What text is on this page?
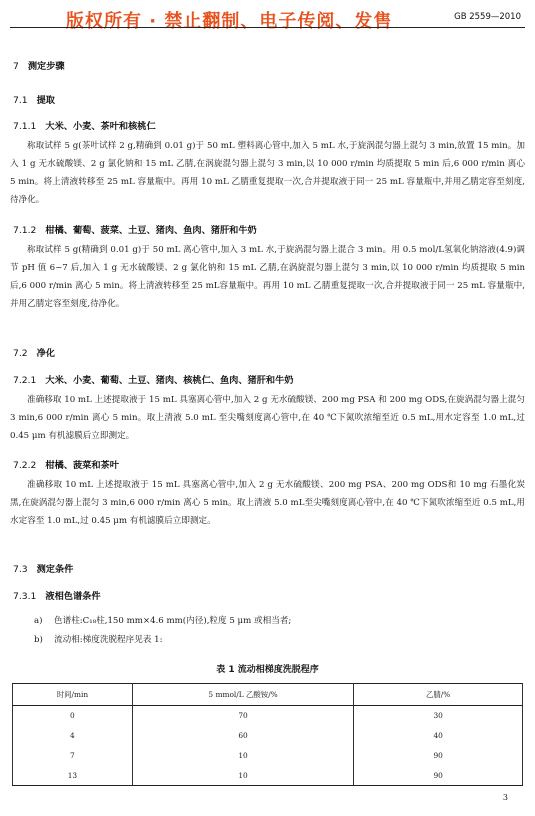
版权所有 · 禁止翻制、电子传阅、发售	GB 2559—2010
7 测定步骤
7.1 提取
7.1.1 大米、小麦、茶叶和核桃仁
称取试样 5 g(茶叶试样 2 g,精确到 0.01 g)于 50 mL 塑料离心管中,加入 5 mL 水,于旋涡混匀器上混匀 3 min,放置 15 min。加入 1 g 无水硫酸镁、2 g 氯化钠和 15 mL 乙腈,在涡旋混匀器上混匀 3 min,以 10 000 r/min 均质提取 5 min 后,6 000 r/min 离心 5 min。将上清液转移至 25 mL 容量瓶中。再用 10 mL 乙腈重复提取一次,合并提取液于同一 25 mL 容量瓶中,并用乙腈定容至刻度,待净化。
7.1.2 柑橘、葡萄、菠菜、土豆、猪肉、鱼肉、猪肝和牛奶
称取试样 5 g(精确到 0.01 g)于 50 mL 离心管中,加入 3 mL 水,于旋涡混匀器上混合 3 min。用 0.5 mol/L氢氧化钠溶液(4.9)调节 pH 值 6~7 后,加入 1 g 无水硫酸镁、2 g 氯化钠和 15 mL 乙腈,在涡旋混匀器上混匀 3 min,以 10 000 r/min 均质提取 5 min 后,6 000 r/min 离心 5 min。将上清液转移至 25 mL容量瓶中。再用 10 mL 乙腈重复提取一次,合并提取液于同一 25 mL 容量瓶中,并用乙腈定容至刻度,待净化。
7.2 净化
7.2.1 大米、小麦、葡萄、土豆、猪肉、核桃仁、鱼肉、猪肝和牛奶
准确移取 10 mL 上述提取液于 15 mL 具塞离心管中,加入 2 g 无水硫酸镁、200 mg PSA 和 200 mg ODS,在旋涡混匀器上混匀 3 min,6 000 r/min 离心 5 min。取上清液 5.0 mL 至尖嘴刻度离心管中,在 40 ℃下氮吹浓缩至近 0.5 mL,用水定容至 1.0 mL,过 0.45 μm 有机滤膜后立即测定。
7.2.2 柑橘、菠菜和茶叶
准确移取 10 mL 上述提取液于 15 mL 具塞离心管中,加入 2 g 无水硫酸镁、200 mg PSA、200 mg ODS和 10 mg 石墨化炭黑,在旋涡混匀器上混匀 3 min,6 000 r/min 离心 5 min。取上清液 5.0 mL至尖嘴刻度离心管中,在 40 ℃下氮吹浓缩至近 0.5 mL,用水定容至 1.0 mL,过 0.45 μm 有机滤膜后立即测定。
7.3 测定条件
7.3.1 液相色谱条件
a) 色谱柱:C₁₈柱,150 mm×4.6 mm(内径),粒度 5 μm 或相当者;
b) 流动相:梯度洗脱程序见表 1:
表 1 流动相梯度洗脱程序
时间/min	5 mmol/L 乙酸铵/%	乙腈/%
0	70	30
4	60	40
7	10	90
13	10	90
3
